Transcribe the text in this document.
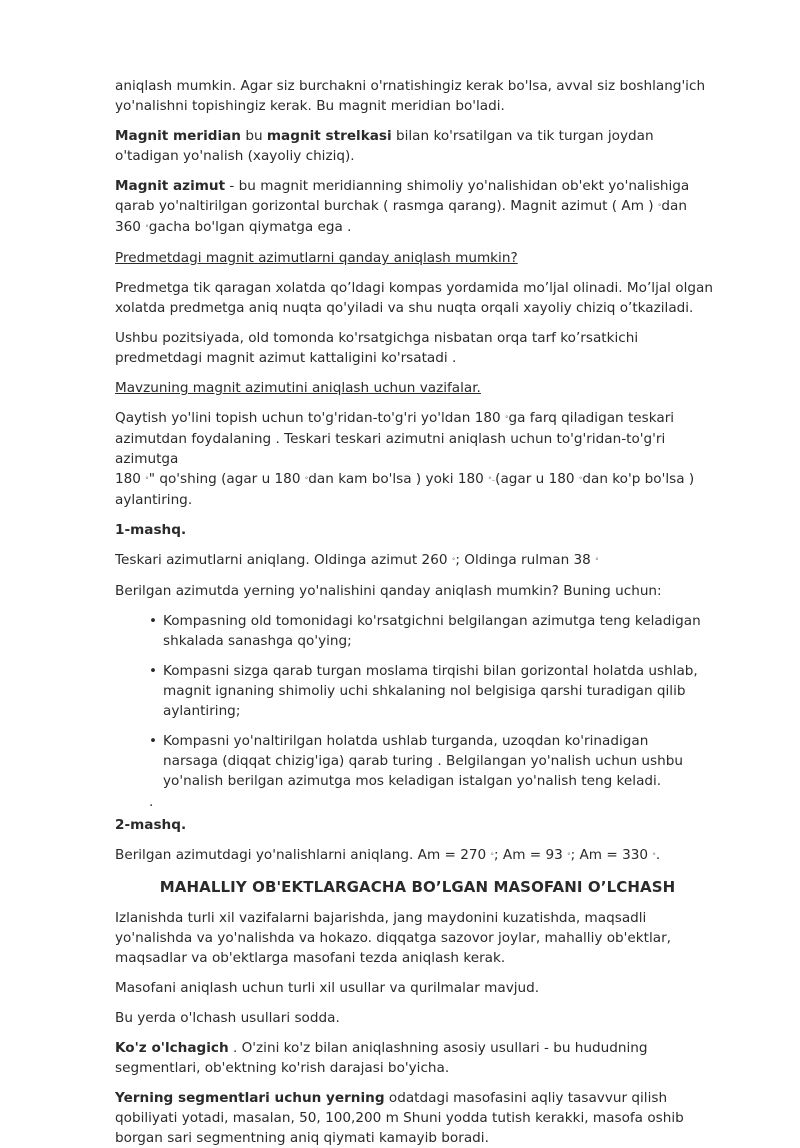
aniqlash mumkin. Agar siz burchakni o'rnatishingiz kerak bo'lsa, avval siz boshlang'ich yo'nalishni topishingiz kerak. Bu magnit meridian bo'ladi.

Magnit meridian bu magnit strelkasi bilan ko'rsatilgan va tik turgan joydan o'tadigan yo'nalish (xayoliy chiziq).

Magnit azimut - bu magnit meridianning shimoliy yo'nalishidan ob'ekt yo'nalishiga qarab yo'naltirilgan gorizontal burchak ( rasmga qarang). Magnit azimut ( Am ) °dan
360 °gacha bo'lgan qiymatga ega .

Predmetdagi magnit azimutlarni qanday aniqlash mumkin?

Predmetga tik qaragan xolatda qo’ldagi kompas yordamida mo’ljal olinadi. Mo’ljal olgan xolatda predmetga aniq nuqta qo'yiladi va shu nuqta orqali xayoliy chiziq o’tkaziladi.

Ushbu pozitsiyada, old tomonda ko'rsatgichga nisbatan orqa tarf ko’rsatkichi predmetdagi magnit azimut kattaligini ko'rsatadi .

Mavzuning magnit azimutini aniqlash uchun vazifalar.

Qaytish yo'lini topish uchun to'g'ridan-to'g'ri yo'ldan 180 °ga farq qiladigan teskari azimutdan foydalaning . Teskari teskari azimutni aniqlash uchun to'g'ridan-to'g'ri azimutga
180 °" qo'shing (agar u 180 °dan kam bo'lsa ) yoki 180 °–(agar u 180 °dan ko'p bo'lsa ) aylantiring.

1-mashq.

Teskari azimutlarni aniqlang. Oldinga azimut 260 °; Oldinga rulman 38 °

Berilgan azimutda yerning yo'nalishini qanday aniqlash mumkin? Buning uchun:

• Kompasning old tomonidagi ko'rsatgichni belgilangan azimutga teng keladigan shkalada sanashga qo'ying;
• Kompasni sizga qarab turgan moslama tirqishi bilan gorizontal holatda ushlab, magnit ignaning shimoliy uchi shkalaning nol belgisiga qarshi turadigan qilib aylantiring;
• Kompasni yo'naltirilgan holatda ushlab turganda, uzoqdan ko'rinadigan
narsaga (diqqat chizig'iga) qarab turing . Belgilangan yo'nalish uchun ushbu yo'nalish berilgan azimutga mos keladigan istalgan yo'nalish teng keladi.
.

2-mashq.

Berilgan azimutdagi yo'nalishlarni aniqlang. Am = 270 °; Am = 93 °; Am = 330 °.

MAHALLIY OB'EKTLARGACHA BO’LGAN MASOFANI O’LCHASH

Izlanishda turli xil vazifalarni bajarishda, jang maydonini kuzatishda, maqsadli yo'nalishda va yo'nalishda va hokazo. diqqatga sazovor joylar, mahalliy ob'ektlar, maqsadlar va ob'ektlarga masofani tezda aniqlash kerak.

Masofani aniqlash uchun turli xil usullar va qurilmalar mavjud.

Bu yerda o'lchash usullari sodda.

Ko'z o'lchagich . O'zini ko'z bilan aniqlashning asosiy usullari - bu hududning segmentlari, ob'ektning ko'rish darajasi bo'yicha.

Yerning segmentlari uchun yerning odatdagi masofasini aqliy tasavvur qilish qobiliyati yotadi, masalan, 50, 100,200 m Shuni yodda tutish kerakki, masofa oshib borgan sari segmentning aniq qiymati kamayib boradi.
